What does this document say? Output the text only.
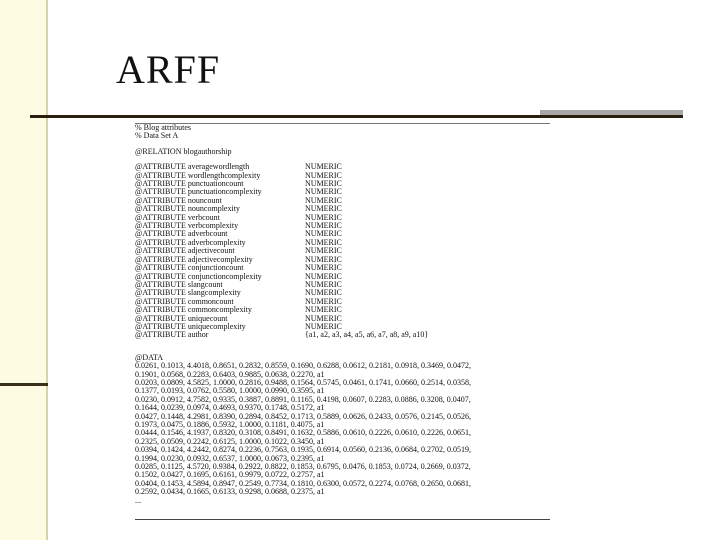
ARFF
% Blog attributes
% Data Set A
@RELATION blogauthorship
@ATTRIBUTE averagewordlength	NUMERIC
@ATTRIBUTE wordlengthcomplexity	NUMERIC
@ATTRIBUTE punctuationcount	NUMERIC
@ATTRIBUTE punctuationcomplexity	NUMERIC
@ATTRIBUTE nouncount	NUMERIC
@ATTRIBUTE nouncomplexity	NUMERIC
@ATTRIBUTE verbcount	NUMERIC
@ATTRIBUTE verbcomplexity	NUMERIC
@ATTRIBUTE adverbcount	NUMERIC
@ATTRIBUTE adverbcomplexity	NUMERIC
@ATTRIBUTE adjectivecount	NUMERIC
@ATTRIBUTE adjectivecomplexity	NUMERIC
@ATTRIBUTE conjunctioncount	NUMERIC
@ATTRIBUTE conjunctioncomplexity	NUMERIC
@ATTRIBUTE slangcount	NUMERIC
@ATTRIBUTE slangcomplexity	NUMERIC
@ATTRIBUTE commoncount	NUMERIC
@ATTRIBUTE commoncomplexity	NUMERIC
@ATTRIBUTE uniquecount	NUMERIC
@ATTRIBUTE uniquecomplexity	NUMERIC
@ATTRIBUTE author	{a1, a2, a3, a4, a5, a6, a7, a8, a9, a10}
@DATA
0.0261, 0.1013, 4.4018, 0.8651, 0.2832, 0.8559, 0.1690, 0.6288, 0.0612, 0.2181, 0.0918, 0.3469, 0.0472,
0.1901, 0.0568, 0.2283, 0.6403, 0.9885, 0.0638, 0.2270, a1
0.0203, 0.0809, 4.5825, 1.0000, 0.2816, 0.9488, 0.1564, 0.5745, 0.0461, 0.1741, 0.0660, 0.2514, 0.0358,
0.1377, 0.0193, 0.0762, 0.5580, 1.0000, 0.0990, 0.3595, a1
0.0230, 0.0912, 4.7582, 0.9335, 0.3887, 0.8891, 0.1165, 0.4198, 0.0607, 0.2283, 0.0886, 0.3208, 0.0407,
0.1644, 0.0239, 0.0974, 0.4693, 0.9370, 0.1748, 0.5172, a1
0.0427, 0.1448, 4.2981, 0.8390, 0.2894, 0.8452, 0.1713, 0.5889, 0.0626, 0.2433, 0.0576, 0.2145, 0.0526,
0.1973, 0.0475, 0.1886, 0.5932, 1.0000, 0.1181, 0.4075, a1
0.0444, 0.1546, 4.1937, 0.8320, 0.3108, 0.8491, 0.1632, 0.5886, 0.0610, 0.2226, 0.0610, 0.2226, 0.0651,
0.2325, 0.0509, 0.2242, 0.6125, 1.0000, 0.1022, 0.3450, a1
0.0394, 0.1424, 4.2442, 0.8274, 0.2236, 0.7563, 0.1935, 0.6914, 0.0560, 0.2136, 0.0684, 0.2702, 0.0519,
0.1994, 0.0230, 0.0932, 0.6537, 1.0000, 0.0673, 0.2395, a1
0.0285, 0.1125, 4.5720, 0.9384, 0.2922, 0.8822, 0.1853, 0.6795, 0.0476, 0.1853, 0.0724, 0.2669, 0.0372,
0.1502, 0.0427, 0.1695, 0.6161, 0.9979, 0.0722, 0.2757, a1
0.0404, 0.1453, 4.5894, 0.8947, 0.2549, 0.7734, 0.1810, 0.6300, 0.0572, 0.2274, 0.0768, 0.2650, 0.0681,
0.2592, 0.0434, 0.1665, 0.6133, 0.9298, 0.0688, 0.2375, a1
...
